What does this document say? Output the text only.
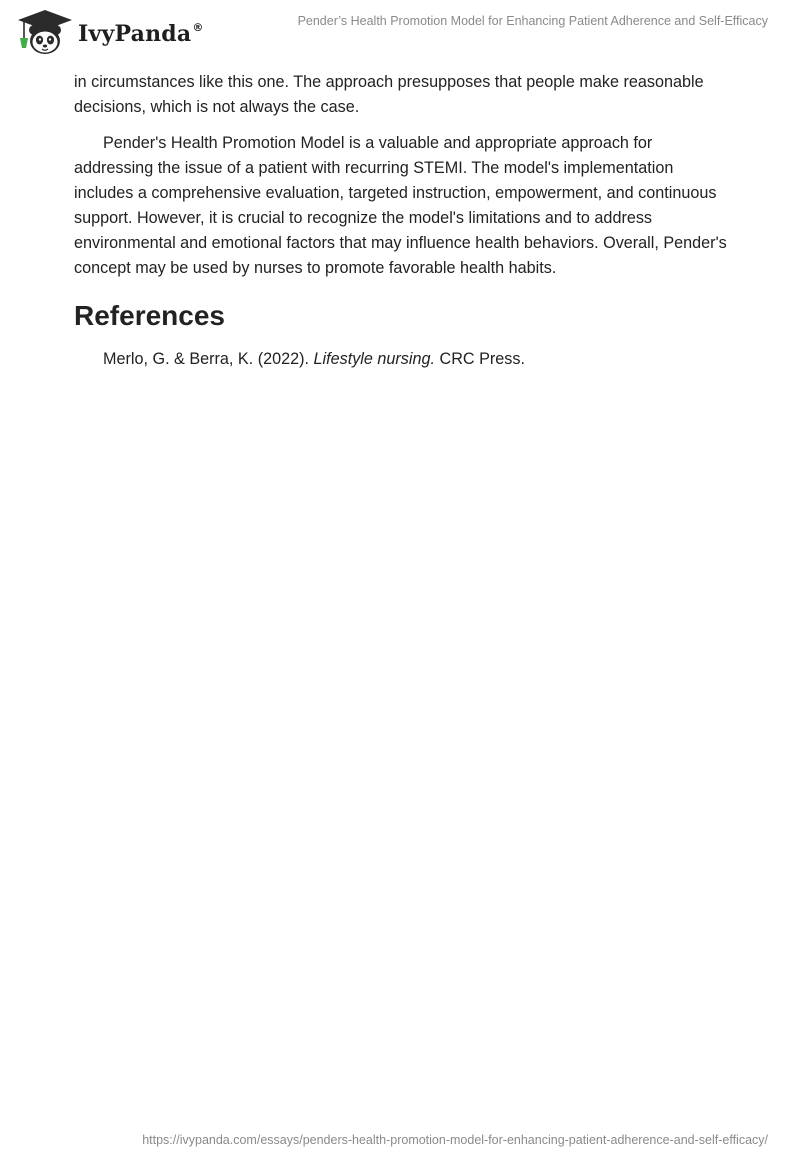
IvyPanda®	Pender’s Health Promotion Model for Enhancing Patient Adherence and Self-Efficacy

in circumstances like this one. The approach presupposes that people make reasonable decisions, which is not always the case.

Pender's Health Promotion Model is a valuable and appropriate approach for addressing the issue of a patient with recurring STEMI. The model's implementation includes a comprehensive evaluation, targeted instruction, empowerment, and continuous support. However, it is crucial to recognize the model's limitations and to address environmental and emotional factors that may influence health behaviors. Overall, Pender's concept may be used by nurses to promote favorable health habits.

References

Merlo, G. & Berra, K. (2022). Lifestyle nursing. CRC Press.

https://ivypanda.com/essays/penders-health-promotion-model-for-enhancing-patient-adherence-and-self-efficacy/
